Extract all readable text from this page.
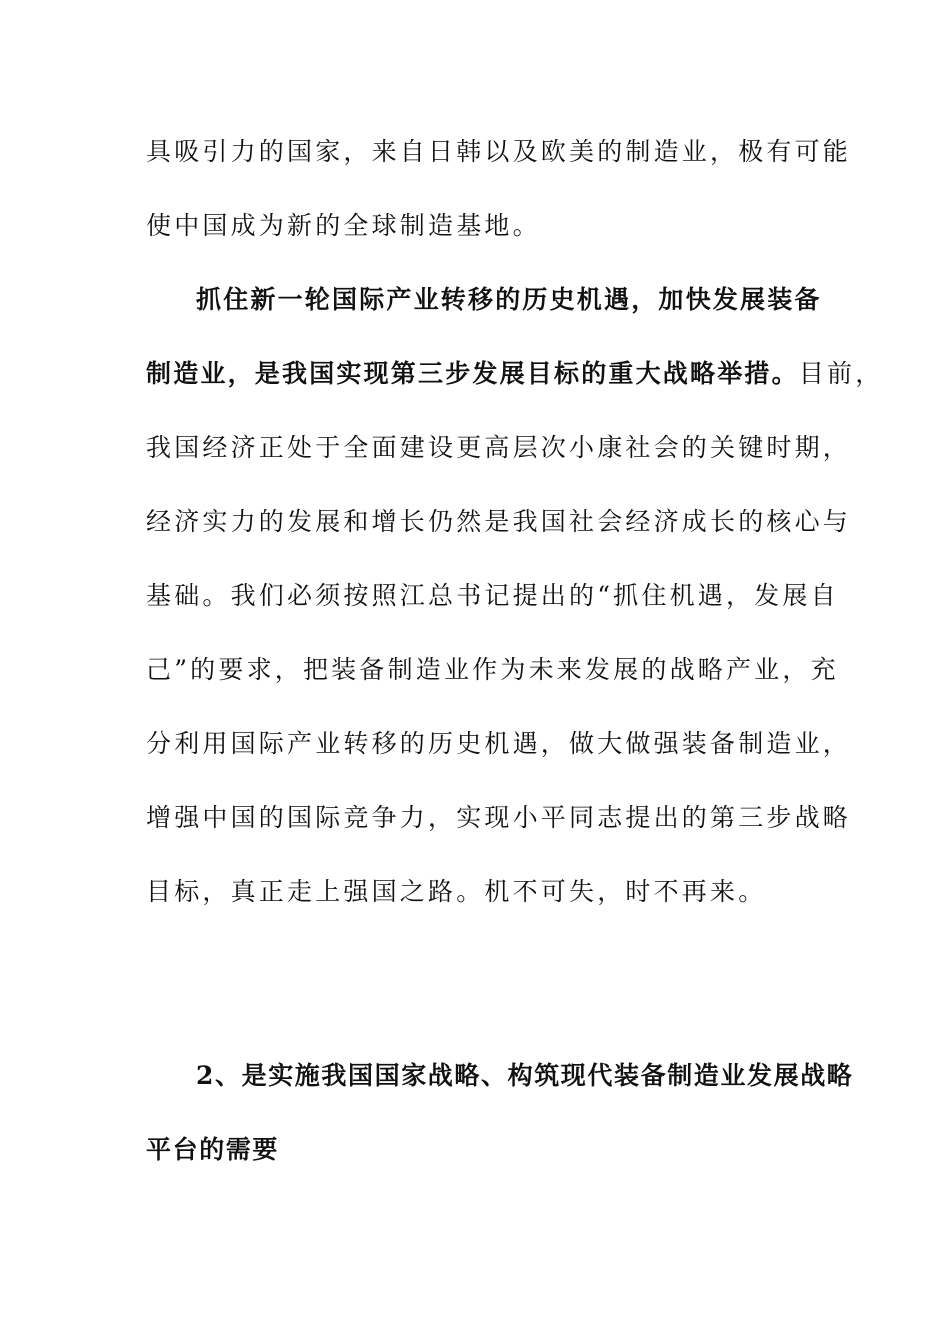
具吸引力的国家，来自日韩以及欧美的制造业，极有可能
使中国成为新的全球制造基地。
抓住新一轮国际产业转移的历史机遇，加快发展装备
制造业，是我国实现第三步发展目标的重大战略举措。目前，
我国经济正处于全面建设更高层次小康社会的关键时期，
经济实力的发展和增长仍然是我国社会经济成长的核心与
基础。我们必须按照江总书记提出的“抓住机遇，发展自
己”的要求，把装备制造业作为未来发展的战略产业，充
分利用国际产业转移的历史机遇，做大做强装备制造业，
增强中国的国际竞争力，实现小平同志提出的第三步战略
目标，真正走上强国之路。机不可失，时不再来。
2、是实施我国国家战略、构筑现代装备制造业发展战略
平台的需要
